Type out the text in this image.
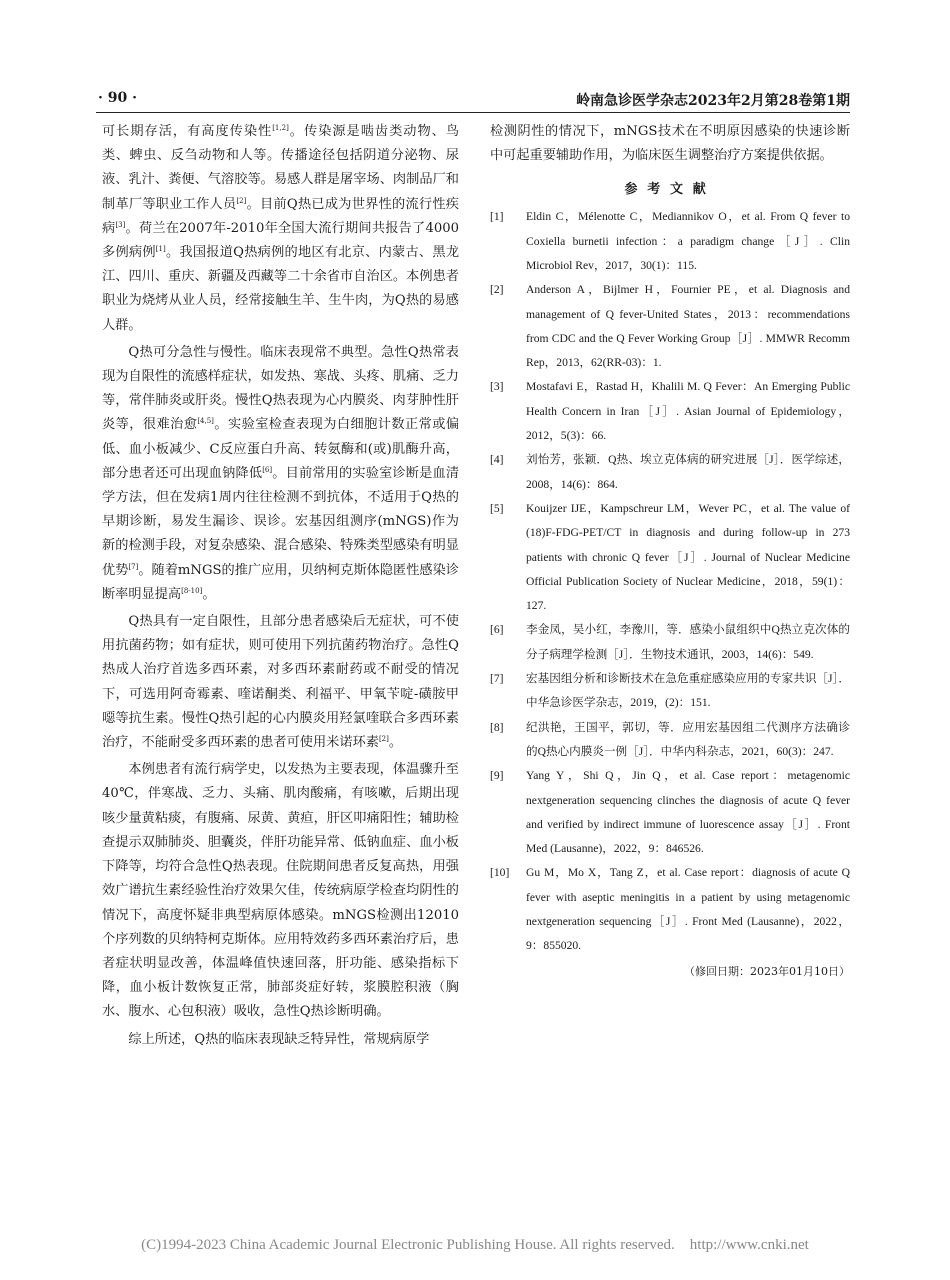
· 90 ·	岭南急诊医学杂志2023年2月第28卷第1期

可长期存活，有高度传染性[1,2]。传染源是啮齿类动物、鸟类、蜱虫、反刍动物和人等。传播途径包括阴道分泌物、尿液、乳汁、粪便、气溶胶等。易感人群是屠宰场、肉制品厂和制革厂等职业工作人员[2]。目前Q热已成为世界性的流行性疾病[3]。荷兰在2007年-2010年全国大流行期间共报告了4000多例病例[1]。我国报道Q热病例的地区有北京、内蒙古、黑龙江、四川、重庆、新疆及西藏等二十余省市自治区。本例患者职业为烧烤从业人员，经常接触生羊、生牛肉，为Q热的易感人群。

Q热可分急性与慢性。临床表现常不典型。急性Q热常表现为自限性的流感样症状，如发热、寒战、头疼、肌痛、乏力等，常伴肺炎或肝炎。慢性Q热表现为心内膜炎、肉芽肿性肝炎等，很难治愈[4,5]。实验室检查表现为白细胞计数正常或偏低、血小板减少、C反应蛋白升高、转氨酶和(或)肌酶升高，部分患者还可出现血钠降低[6]。目前常用的实验室诊断是血清学方法，但在发病1周内往往检测不到抗体，不适用于Q热的早期诊断，易发生漏诊、误诊。宏基因组测序(mNGS)作为新的检测手段，对复杂感染、混合感染、特殊类型感染有明显优势[7]。随着mNGS的推广应用，贝纳柯克斯体隐匿性感染诊断率明显提高[8-10]。

Q热具有一定自限性，且部分患者感染后无症状，可不使用抗菌药物；如有症状，则可使用下列抗菌药物治疗。急性Q热成人治疗首选多西环素，对多西环素耐药或不耐受的情况下，可选用阿奇霉素、喹诺酮类、利福平、甲氧苄啶-磺胺甲噁等抗生素。慢性Q热引起的心内膜炎用羟氯喹联合多西环素治疗，不能耐受多西环素的患者可使用米诺环素[2]。

本例患者有流行病学史，以发热为主要表现，体温骤升至40℃，伴寒战、乏力、头痛、肌肉酸痛，有咳嗽，后期出现咳少量黄粘痰，有腹痛、尿黄、黄疸，肝区叩痛阳性；辅助检查提示双肺肺炎、胆囊炎，伴肝功能异常、低钠血症、血小板下降等，均符合急性Q热表现。住院期间患者反复高热，用强效广谱抗生素经验性治疗效果欠佳，传统病原学检查均阴性的情况下，高度怀疑非典型病原体感染。mNGS检测出12010个序列数的贝纳特柯克斯体。应用特效药多西环素治疗后，患者症状明显改善，体温峰值快速回落，肝功能、感染指标下降，血小板计数恢复正常，肺部炎症好转，浆膜腔积液（胸水、腹水、心包积液）吸收，急性Q热诊断明确。

综上所述，Q热的临床表现缺乏特异性，常规病原学

检测阴性的情况下，mNGS技术在不明原因感染的快速诊断中可起重要辅助作用，为临床医生调整治疗方案提供依据。

参考文献
[1]	Eldin C，Mélenotte C，Mediannikov O，et al. From Q fever to Coxiella burnetii infection：a paradigm change［J］. Clin Microbiol Rev，2017，30(1)：115.
[2]	Anderson A，Bijlmer H，Fournier PE，et al. Diagnosis and management of Q fever-United States，2013：recommendations from CDC and the Q Fever Working Group［J］. MMWR Recomm Rep，2013，62(RR-03)：1.
[3]	Mostafavi E，Rastad H，Khalili M. Q Fever：An Emerging Public Health Concern in Iran［J］. Asian Journal of Epidemiology，2012，5(3)：66.
[4]	刘怡芳，张颖．Q热、埃立克体病的研究进展［J］．医学综述，2008，14(6)：864.
[5]	Kouijzer IJE，Kampschreur LM，Wever PC，et al. The value of (18)F-FDG-PET/CT in diagnosis and during follow-up in 273 patients with chronic Q fever［J］. Journal of Nuclear Medicine Official Publication Society of Nuclear Medicine，2018，59(1)：127.
[6]	李金凤，吴小红，李豫川，等．感染小鼠组织中Q热立克次体的分子病理学检测［J］．生物技术通讯，2003，14(6)：549.
[7]	宏基因组分析和诊断技术在急危重症感染应用的专家共识［J］．中华急诊医学杂志，2019，(2)：151.
[8]	纪洪艳，王国平，郭切，等．应用宏基因组二代测序方法确诊的Q热心内膜炎一例［J］．中华内科杂志，2021，60(3)：247.
[9]	Yang Y，Shi Q，Jin Q，et al. Case report：metagenomic nextgeneration sequencing clinches the diagnosis of acute Q fever and verified by indirect immune of luorescence assay［J］. Front Med (Lausanne)，2022，9：846526.
[10]	Gu M，Mo X，Tang Z，et al. Case report：diagnosis of acute Q fever with aseptic meningitis in a patient by using metagenomic nextgeneration sequencing［J］. Front Med (Lausanne)，2022，9：855020.
（修回日期：2023年01月10日）
(C)1994-2023 China Academic Journal Electronic Publishing House. All rights reserved.　http://www.cnki.net
